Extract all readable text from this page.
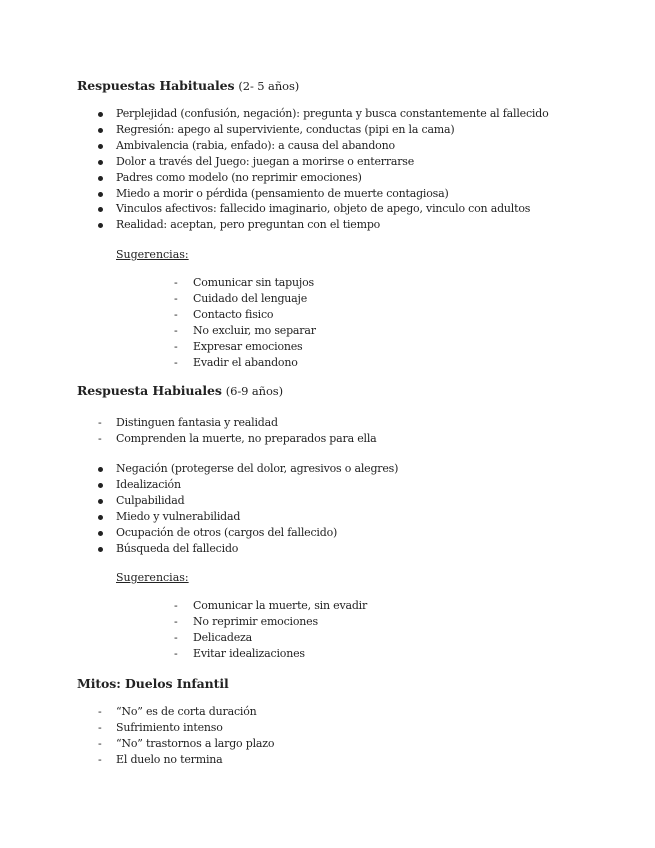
Respuestas Habituales (2- 5 años)
Perplejidad (confusión, negación): pregunta y busca constantemente al fallecido
Regresión: apego al superviviente, conductas (pipi en la cama)
Ambivalencia (rabia, enfado): a causa del abandono
Dolor a través del Juego: juegan a morirse o enterrarse
Padres como modelo (no reprimir emociones)
Miedo a morir o pérdida (pensamiento de muerte contagiosa)
Vinculos afectivos: fallecido imaginario, objeto de apego, vinculo con adultos
Realidad: aceptan, pero preguntan con el tiempo
Sugerencias:
- Comunicar sin tapujos
- Cuidado del lenguaje
- Contacto fisico
- No excluir, mo separar
- Expresar emociones
- Evadir el abandono
Respuesta Habiuales (6-9 años)
- Distinguen fantasia y realidad
- Comprenden la muerte, no preparados para ella
Negación (protegerse del dolor, agresivos o alegres)
Idealización
Culpabilidad
Miedo y vulnerabilidad
Ocupación de otros (cargos del fallecido)
Búsqueda del fallecido
Sugerencias:
- Comunicar la muerte, sin evadir
- No reprimir emociones
- Delicadeza
- Evitar idealizaciones
Mitos: Duelos Infantil
- “No” es de corta duración
- Sufrimiento intenso
- “No” trastornos a largo plazo
- El duelo no termina
